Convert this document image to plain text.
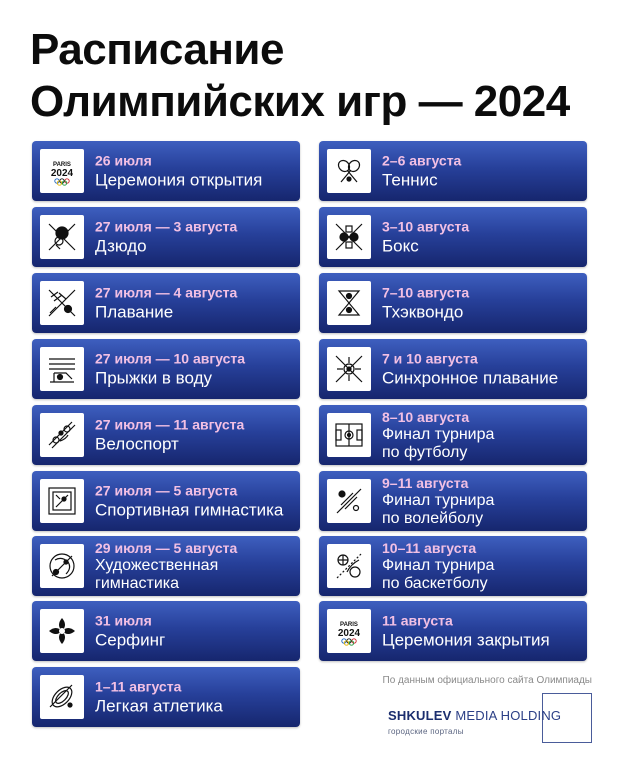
Расписание
Олимпийских игр — 2024
PARIS
2024
26 июля
Церемония открытия
27 июля — 3 августа
Дзюдо
27 июля — 4 августа
Плавание
27 июля — 10 августа
Прыжки в воду
27 июля — 11 августа
Велоспорт
27 июля — 5 августа
Спортивная гимнастика
29 июля — 5 августа
Художественная
гимнастика
31 июля
Серфинг
1–11 августа
Легкая атлетика
2–6 августа
Теннис
3–10 августа
Бокс
7–10 августа
Тхэквондо
7 и 10 августа
Синхронное плавание
8–10 августа
Финал турнира
по футболу
9–11 августа
Финал турнира
по волейболу
10–11 августа
Финал турнира
по баскетболу
PARIS
2024
11 августа
Церемония закрытия

По данным официального сайта Олимпиады

SHKULEV MEDIA HOLDING
городские порталы
